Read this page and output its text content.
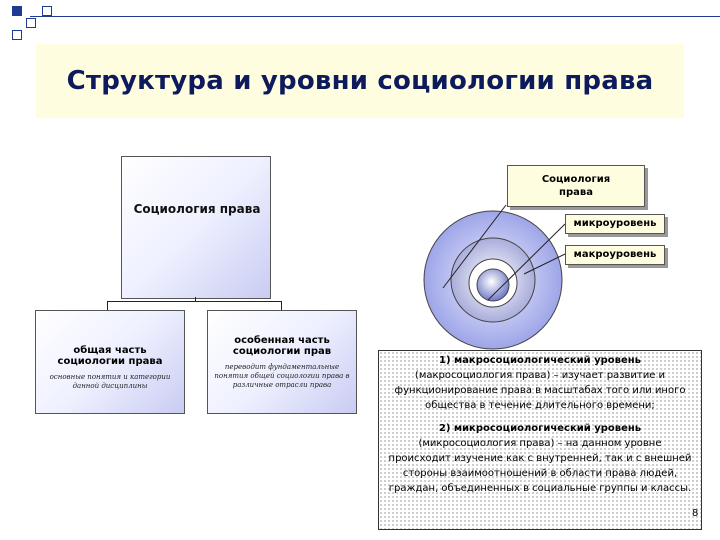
Структура и уровни социологии права
Социология права
общая часть социологии права
основные понятия и категории данной дисциплины
особенная часть социологии прав
переводит фундаментальные понятия общей социологии права в различные отрасли права
Социология права
микроуровень
макроуровень

1) макросоциологический уровень
(макросоциология права) – изучает развитие и функционирование права в масштабах того или иного общества в течение длительного времени;

2) микросоциологический уровень
(микросоциология права) – на данном уровне происходит изучение как с внутренней, так и с внешней стороны взаимоотношений в области права людей, граждан, объединенных в социальные группы и классы.

8
